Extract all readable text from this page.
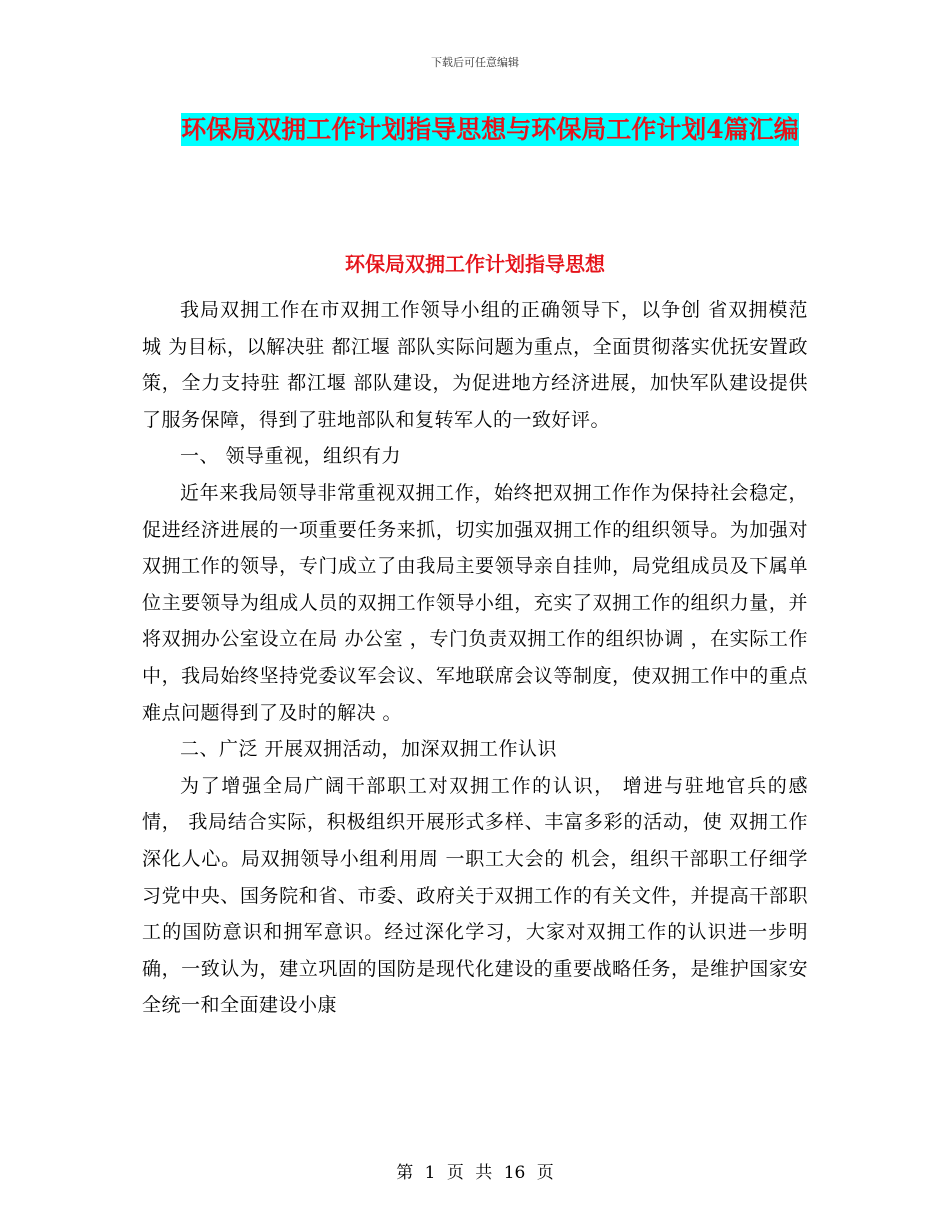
下载后可任意编辑
环保局双拥工作计划指导思想与环保局工作计划4篇汇编
环保局双拥工作计划指导思想

我局双拥工作在市双拥工作领导小组的正确领导下，以争创 省双拥模范城 为目标，以解决驻 都江堰 部队实际问题为重点，全面贯彻落实优抚安置政策，全力支持驻 都江堰 部队建设，为促进地方经济进展，加快军队建设提供了服务保障，得到了驻地部队和复转军人的一致好评。

一、 领导重视，组织有力

近年来我局领导非常重视双拥工作，始终把双拥工作作为保持社会稳定，促进经济进展的一项重要任务来抓，切实加强双拥工作的组织领导。为加强对双拥工作的领导，专门成立了由我局主要领导亲自挂帅，局党组成员及下属单位主要领导为组成人员的双拥工作领导小组，充实了双拥工作的组织力量，并将双拥办公室设立在局 办公室 ，专门负责双拥工作的组织协调 ，在实际工作中，我局始终坚持党委议军会议、军地联席会议等制度，使双拥工作中的重点难点问题得到了及时的解决 。

二、广泛 开展双拥活动，加深双拥工作认识

为了增强全局广阔干部职工对双拥工作的认识， 增进与驻地官兵的感情， 我局结合实际，积极组织开展形式多样、丰富多彩的活动，使 双拥工作 深化人心。局双拥领导小组利用周 一职工大会的 机会，组织干部职工仔细学习党中央、国务院和省、市委、政府关于双拥工作的有关文件，并提高干部职工的国防意识和拥军意识。经过深化学习，大家对双拥工作的认识进一步明确，一致认为，建立巩固的国防是现代化建设的重要战略任务，是维护国家安全统一和全面建设小康

第 1 页 共 16 页
